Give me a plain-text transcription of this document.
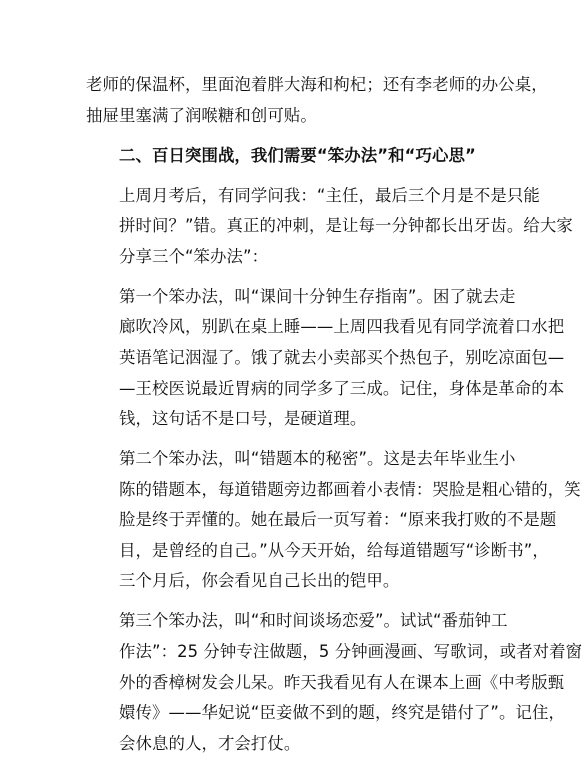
老师的保温杯，里面泡着胖大海和枸杞；还有李老师的办公桌，
抽屉里塞满了润喉糖和创可贴。

二、百日突围战，我们需要“笨办法”和“巧心思”

上周月考后，有同学问我：“主任，最后三个月是不是只能
拼时间？”错。真正的冲刺，是让每一分钟都长出牙齿。给大家
分享三个“笨办法”：

第一个笨办法，叫“课间十分钟生存指南”。困了就去走
廊吹冷风，别趴在桌上睡——上周四我看见有同学流着口水把
英语笔记洇湿了。饿了就去小卖部买个热包子，别吃凉面包—
—王校医说最近胃病的同学多了三成。记住，身体是革命的本
钱，这句话不是口号，是硬道理。

第二个笨办法，叫“错题本的秘密”。这是去年毕业生小
陈的错题本，每道错题旁边都画着小表情：哭脸是粗心错的，笑
脸是终于弄懂的。她在最后一页写着：“原来我打败的不是题
目，是曾经的自己。”从今天开始，给每道错题写“诊断书”，
三个月后，你会看见自己长出的铠甲。

第三个笨办法，叫“和时间谈场恋爱”。试试“番茄钟工
作法”：25 分钟专注做题，5 分钟画漫画、写歌词，或者对着窗
外的香樟树发会儿呆。昨天我看见有人在课本上画《中考版甄
嬛传》——华妃说“臣妾做不到的题，终究是错付了”。记住，
会休息的人，才会打仗。
